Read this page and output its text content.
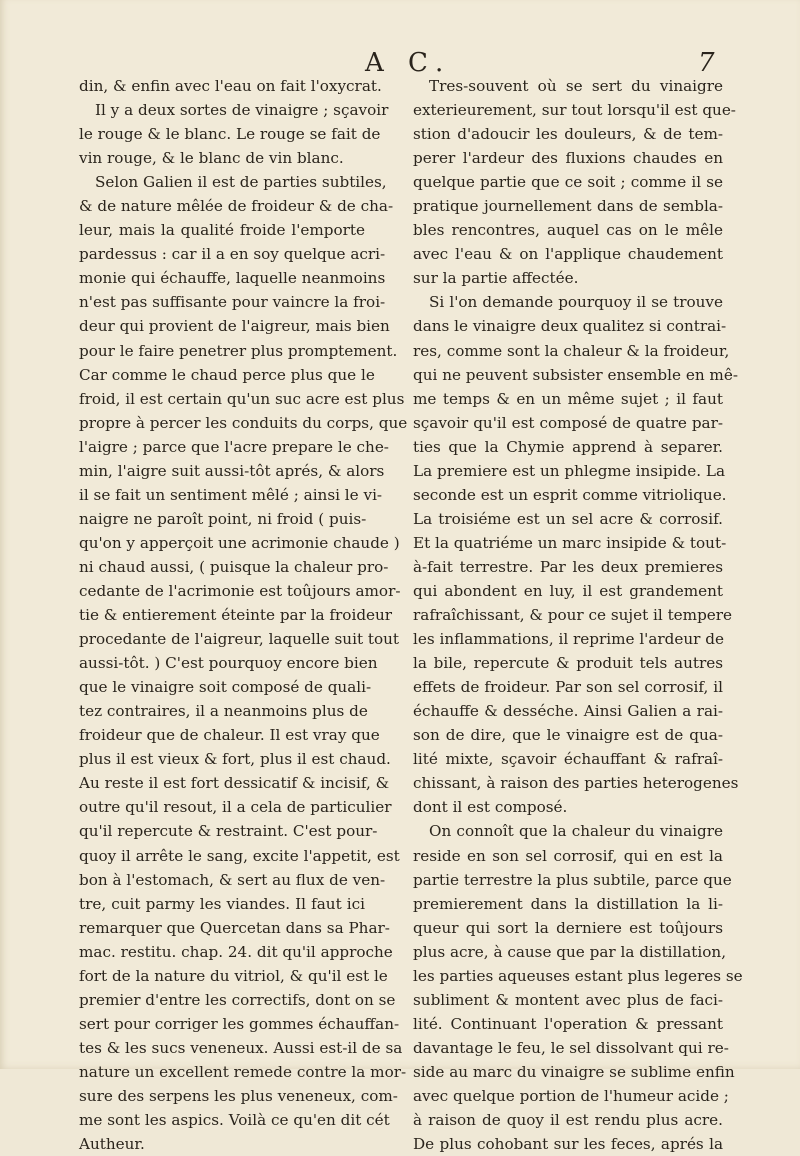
A C.	7
din, & enfin avec l'eau on fait l'oxycrat.
Il y a deux sortes de vinaigre ; sçavoir
le rouge & le blanc. Le rouge se fait de
vin rouge, & le blanc de vin blanc.
Selon Galien il est de parties subtiles,
& de nature mêlée de froideur & de cha-
leur, mais la qualité froide l'emporte
pardessus : car il a en soy quelque acri-
monie qui échauffe, laquelle neanmoins
n'est pas suffisante pour vaincre la froi-
deur qui provient de l'aigreur, mais bien
pour le faire penetrer plus promptement.
Car comme le chaud perce plus que le
froid, il est certain qu'un suc acre est plus
propre à percer les conduits du corps, que
l'aigre ; parce que l'acre prepare le che-
min, l'aigre suit aussi-tôt aprés, & alors
il se fait un sentiment mêlé ; ainsi le vi-
naigre ne paroît point, ni froid ( puis-
qu'on y apperçoit une acrimonie chaude )
ni chaud aussi, ( puisque la chaleur pro-
cedante de l'acrimonie est toûjours amor-
tie & entierement éteinte par la froideur
procedante de l'aigreur, laquelle suit tout
aussi-tôt. ) C'est pourquoy encore bien
que le vinaigre soit composé de quali-
tez contraires, il a neanmoins plus de
froideur que de chaleur. Il est vray que
plus il est vieux & fort, plus il est chaud.
Au reste il est fort dessicatif & incisif, &
outre qu'il resout, il a cela de particulier
qu'il repercute & restraint. C'est pour-
quoy il arrête le sang, excite l'appetit, est
bon à l'estomach, & sert au flux de ven-
tre, cuit parmy les viandes. Il faut ici
remarquer que Quercetan dans sa Phar-
mac. restitu. chap. 24. dit qu'il approche
fort de la nature du vitriol, & qu'il est le
premier d'entre les correctifs, dont on se
sert pour corriger les gommes échauffan-
tes & les sucs veneneux. Aussi est-il de sa
nature un excellent remede contre la mor-
sure des serpens les plus veneneux, com-
me sont les aspics. Voilà ce qu'en dit cét
Autheur.
Tres-souvent où se sert du vinaigre
exterieurement, sur tout lorsqu'il est que-
stion d'adoucir les douleurs, & de tem-
perer l'ardeur des fluxions chaudes en
quelque partie que ce soit ; comme il se
pratique journellement dans de sembla-
bles rencontres, auquel cas on le mêle
avec l'eau & on l'applique chaudement
sur la partie affectée.
Si l'on demande pourquoy il se trouve
dans le vinaigre deux qualitez si contrai-
res, comme sont la chaleur & la froideur,
qui ne peuvent subsister ensemble en mê-
me temps & en un même sujet ; il faut
sçavoir qu'il est composé de quatre par-
ties que la Chymie apprend à separer.
La premiere est un phlegme insipide. La
seconde est un esprit comme vitriolique.
La troisiéme est un sel acre & corrosif.
Et la quatriéme un marc insipide & tout-
à-fait terrestre. Par les deux premieres
qui abondent en luy, il est grandement
rafraîchissant, & pour ce sujet il tempere
les inflammations, il reprime l'ardeur de
la bile, repercute & produit tels autres
effets de froideur. Par son sel corrosif, il
échauffe & desséche. Ainsi Galien a rai-
son de dire, que le vinaigre est de qua-
lité mixte, sçavoir échauffant & rafraî-
chissant, à raison des parties heterogenes
dont il est composé.
On connoît que la chaleur du vinaigre
reside en son sel corrosif, qui en est la
partie terrestre la plus subtile, parce que
premierement dans la distillation la li-
queur qui sort la derniere est toûjours
plus acre, à cause que par la distillation,
les parties aqueuses estant plus legeres se
subliment & montent avec plus de faci-
lité. Continuant l'operation & pressant
davantage le feu, le sel dissolvant qui re-
side au marc du vinaigre se sublime enfin
avec quelque portion de l'humeur acide ;
à raison de quoy il est rendu plus acre.
De plus cohobant sur les feces, aprés la
